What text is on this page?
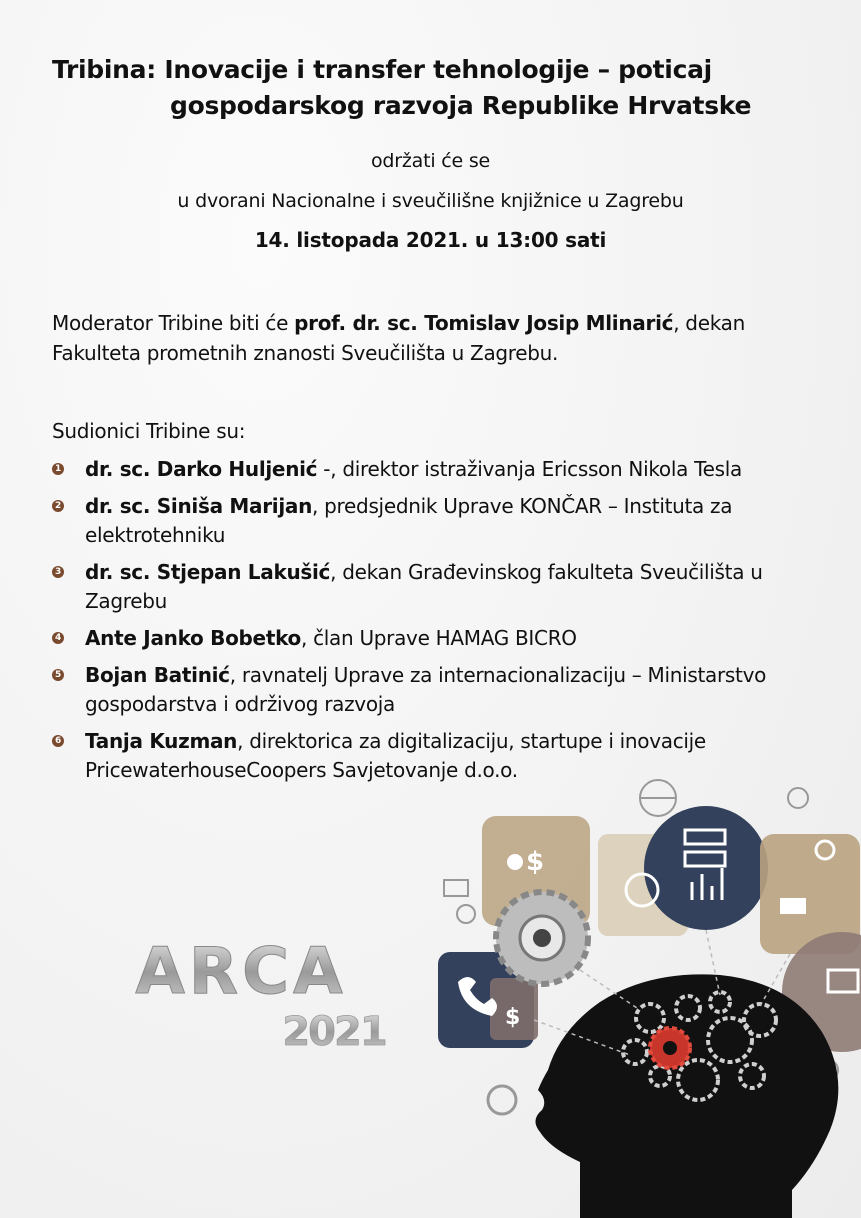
Tribina: Inovacije i transfer tehnologije – poticaj
gospodarskog razvoja Republike Hrvatske
održati će se
u dvorani Nacionalne i sveučilišne knjižnice u Zagrebu
14. listopada 2021. u 13:00 sati
Moderator Tribine biti će prof. dr. sc. Tomislav Josip Mlinarić, dekan Fakulteta prometnih znanosti Sveučilišta u Zagrebu.
Sudionici Tribine su:
1 dr. sc. Darko Huljenić -, direktor istraživanja Ericsson Nikola Tesla
2 dr. sc. Siniša Marijan, predsjednik Uprave KONČAR – Instituta za elektrotehniku
3 dr. sc. Stjepan Lakušić, dekan Građevinskog fakulteta Sveučilišta u Zagrebu
4 Ante Janko Bobetko, član Uprave HAMAG BICRO
5 Bojan Batinić, ravnatelj Uprave za internacionalizaciju – Ministarstvo gospodarstva i održivog razvoja
6 Tanja Kuzman, direktorica za digitalizaciju, startupe i inovacije PricewaterhouseCoopers Savjetovanje d.o.o.
ARCA
2021
$
$
